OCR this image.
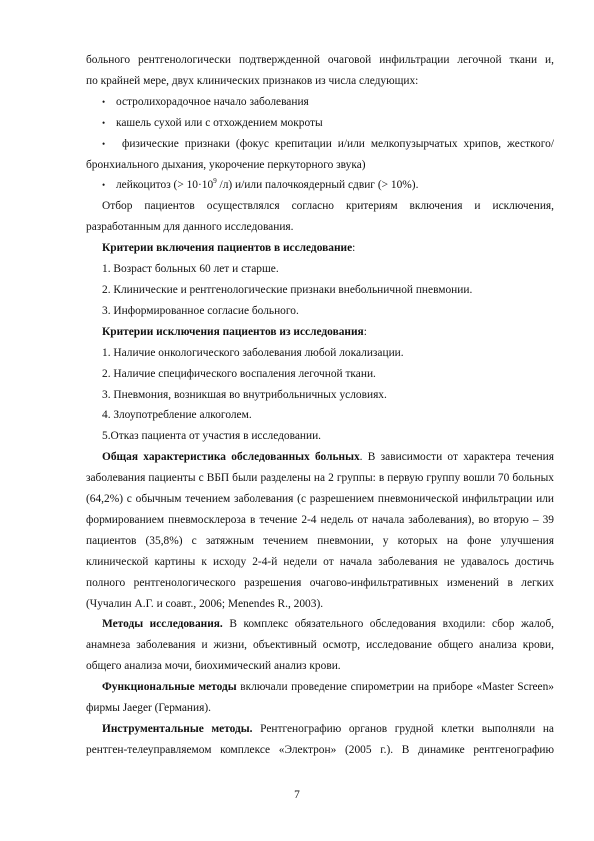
больного рентгенологически подтвержденной очаговой инфильтрации легочной ткани и,

по крайней мере, двух клинических признаков из числа следующих:

• остролихорадочное начало заболевания
• кашель сухой или с отхождением мокроты

• физические признаки (фокус крепитации и/или мелкопузырчатых хрипов, жесткого/бронхиального дыхания, укорочение перкуторного звука)

• лейкоцитоз (> $10\cdot 10^9$ /л) и/или палочкоядерный сдвиг (> 10%).

Отбор пациентов осуществлялся согласно критериям включения и исключения, разработанным для данного исследования.

Критерии включения пациентов в исследование:

1. Возраст больных 60 лет и старше.

2. Клинические и рентгенологические признаки внебольничной пневмонии.

3. Информированное согласие больного.

Критерии исключения пациентов из исследования:

1. Наличие онкологического заболевания любой локализации.

2. Наличие специфического воспаления легочной ткани.

3. Пневмония, возникшая во внутрибольничных условиях.

4. Злоупотребление алкоголем.

5.Отказ пациента от участия в исследовании.

Общая характеристика обследованных больных. В зависимости от характера течения заболевания пациенты с ВБП были разделены на 2 группы: в первую группу вошли 70 больных (64,2%) с обычным течением заболевания (с разрешением пневмонической инфильтрации или формированием пневмосклероза в течение 2-4 недель от начала заболевания), во вторую – 39 пациентов (35,8%) с затяжным течением пневмонии, у которых на фоне улучшения клинической картины к исходу 2-4-й недели от начала заболевания не удавалось достичь полного рентгенологического разрешения очагово-инфильтративных изменений в легких (Чучалин А.Г. и соавт., 2006; Menendes R., 2003).

Методы исследования. В комплекс обязательного обследования входили: сбор жалоб, анамнеза заболевания и жизни, объективный осмотр, исследование общего анализа крови, общего анализа мочи, биохимический анализ крови.

Функциональные методы включали проведение спирометрии на приборе «Master Screen» фирмы Jaeger (Германия).

Инструментальные методы. Рентгенографию органов грудной клетки выполняли на рентген-телеуправляемом комплексе «Электрон» (2005 г.). В динамике рентгенографию

7
